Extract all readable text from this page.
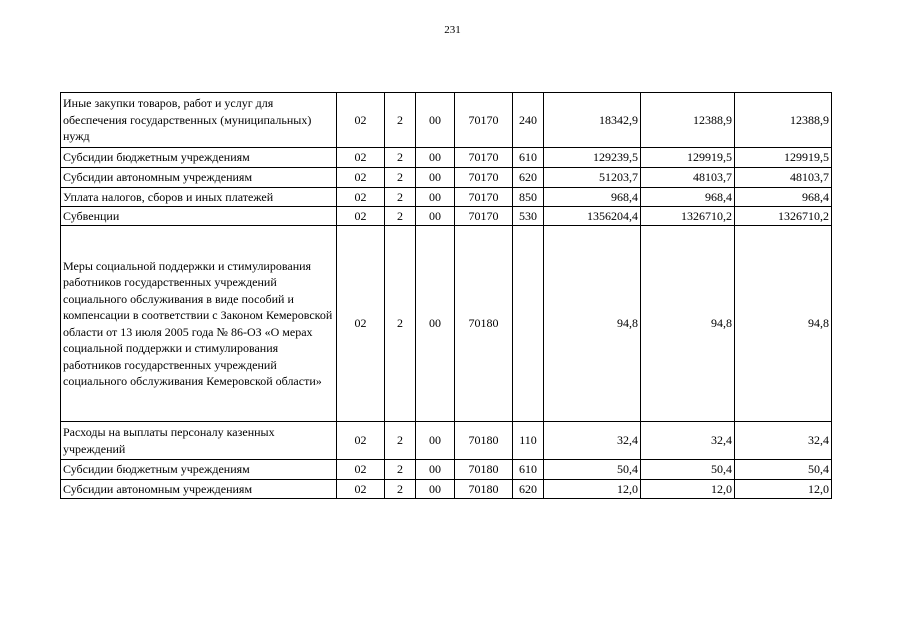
231
Иные закупки товаров, работ и услуг для обеспечения государственных (муниципальных) нужд	02	2	00	70170	240	18342,9	12388,9	12388,9
Субсидии бюджетным учреждениям	02	2	00	70170	610	129239,5	129919,5	129919,5
Субсидии автономным учреждениям	02	2	00	70170	620	51203,7	48103,7	48103,7
Уплата налогов, сборов и иных платежей	02	2	00	70170	850	968,4	968,4	968,4
Субвенции	02	2	00	70170	530	1356204,4	1326710,2	1326710,2
Меры социальной поддержки и стимулирования работников государственных учреждений социального обслуживания в виде пособий и компенсации в соответствии с Законом Кемеровской области от 13 июля 2005 года № 86-ОЗ «О мерах социальной поддержки и стимулирования работников государственных учреждений социального обслуживания Кемеровской области»	02	2	00	70180		94,8	94,8	94,8
Расходы на выплаты персоналу казенных учреждений	02	2	00	70180	110	32,4	32,4	32,4
Субсидии бюджетным учреждениям	02	2	00	70180	610	50,4	50,4	50,4
Субсидии автономным учреждениям	02	2	00	70180	620	12,0	12,0	12,0
